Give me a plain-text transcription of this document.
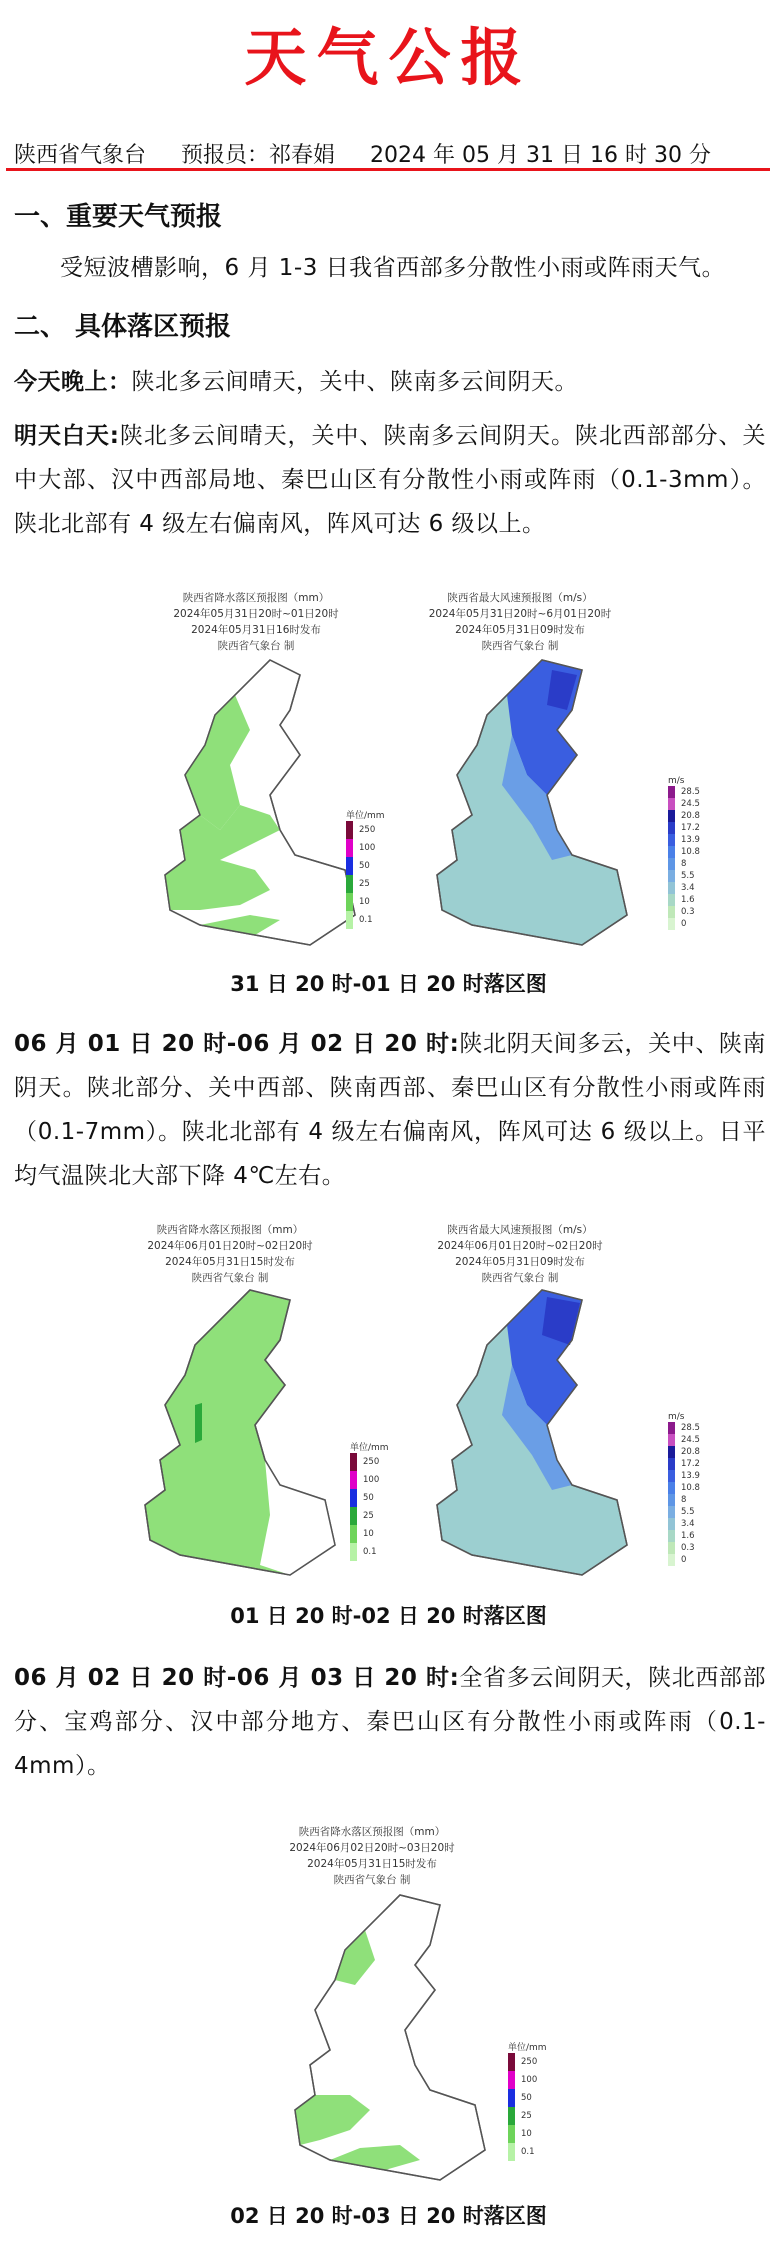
天气公报
陕西省气象台 预报员：祁春娟 2024 年 05 月 31 日 16 时 30 分
一、重要天气预报
受短波槽影响，6 月 1-3 日我省西部多分散性小雨或阵雨天气。
二、 具体落区预报
今天晚上：陕北多云间晴天，关中、陕南多云间阴天。
明天白天:陕北多云间晴天，关中、陕南多云间阴天。陕北西部部分、关中大部、汉中西部局地、秦巴山区有分散性小雨或阵雨（0.1-3mm）。陕北北部有 4 级左右偏南风，阵风可达 6 级以上。
陕西省降水落区预报图（mm）
2024年05月31日20时~01日20时
2024年05月31日16时发布
陕西省气象台 制
陕西省最大风速预报图（m/s）
2024年05月31日20时~6月01日20时
2024年05月31日09时发布
陕西省气象台 制
单位/mm
250
100
50
25
10
0.1
m/s
28.5
24.5
20.8
17.2
13.9
10.8
8
5.5
3.4
1.6
0.3
0
31 日 20 时-01 日 20 时落区图
06 月 01 日 20 时-06 月 02 日 20 时:陕北阴天间多云，关中、陕南阴天。陕北部分、关中西部、陕南西部、秦巴山区有分散性小雨或阵雨（0.1-7mm）。陕北北部有 4 级左右偏南风，阵风可达 6 级以上。日平均气温陕北大部下降 4℃左右。
陕西省降水落区预报图（mm）
2024年06月01日20时~02日20时
2024年05月31日15时发布
陕西省气象台 制
陕西省最大风速预报图（m/s）
2024年06月01日20时~02日20时
2024年05月31日09时发布
陕西省气象台 制
单位/mm
250
100
50
25
10
0.1
m/s
28.5
24.5
20.8
17.2
13.9
10.8
8
5.5
3.4
1.6
0.3
0
01 日 20 时-02 日 20 时落区图
06 月 02 日 20 时-06 月 03 日 20 时:全省多云间阴天，陕北西部部分、宝鸡部分、汉中部分地方、秦巴山区有分散性小雨或阵雨（0.1-4mm）。
陕西省降水落区预报图（mm）
2024年06月02日20时~03日20时
2024年05月31日15时发布
陕西省气象台 制
单位/mm
250
100
50
25
10
0.1
02 日 20 时-03 日 20 时落区图
